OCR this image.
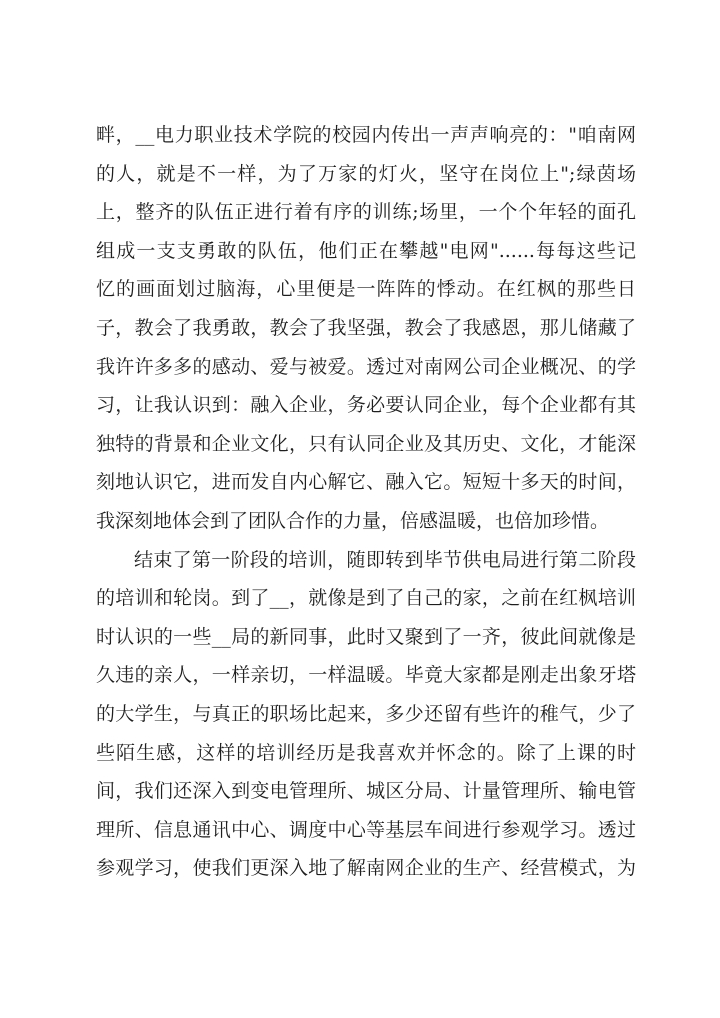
畔，__电力职业技术学院的校园内传出一声声响亮的："咱南网
的人，就是不一样，为了万家的灯火，坚守在岗位上";绿茵场
上，整齐的队伍正进行着有序的训练;场里，一个个年轻的面孔
组成一支支勇敢的队伍，他们正在攀越"电网"......每每这些记
忆的画面划过脑海，心里便是一阵阵的悸动。在红枫的那些日
子，教会了我勇敢，教会了我坚强，教会了我感恩，那儿储藏了
我许许多多的感动、爱与被爱。透过对南网公司企业概况、的学
习，让我认识到：融入企业，务必要认同企业，每个企业都有其
独特的背景和企业文化，只有认同企业及其历史、文化，才能深
刻地认识它，进而发自内心解它、融入它。短短十多天的时间，
我深刻地体会到了团队合作的力量，倍感温暖，也倍加珍惜。
结束了第一阶段的培训，随即转到毕节供电局进行第二阶段
的培训和轮岗。到了__，就像是到了自己的家，之前在红枫培训
时认识的一些__局的新同事，此时又聚到了一齐，彼此间就像是
久违的亲人，一样亲切，一样温暖。毕竟大家都是刚走出象牙塔
的大学生，与真正的职场比起来，多少还留有些许的稚气，少了
些陌生感，这样的培训经历是我喜欢并怀念的。除了上课的时
间，我们还深入到变电管理所、城区分局、计量管理所、输电管
理所、信息通讯中心、调度中心等基层车间进行参观学习。透过
参观学习，使我们更深入地了解南网企业的生产、经营模式，为
